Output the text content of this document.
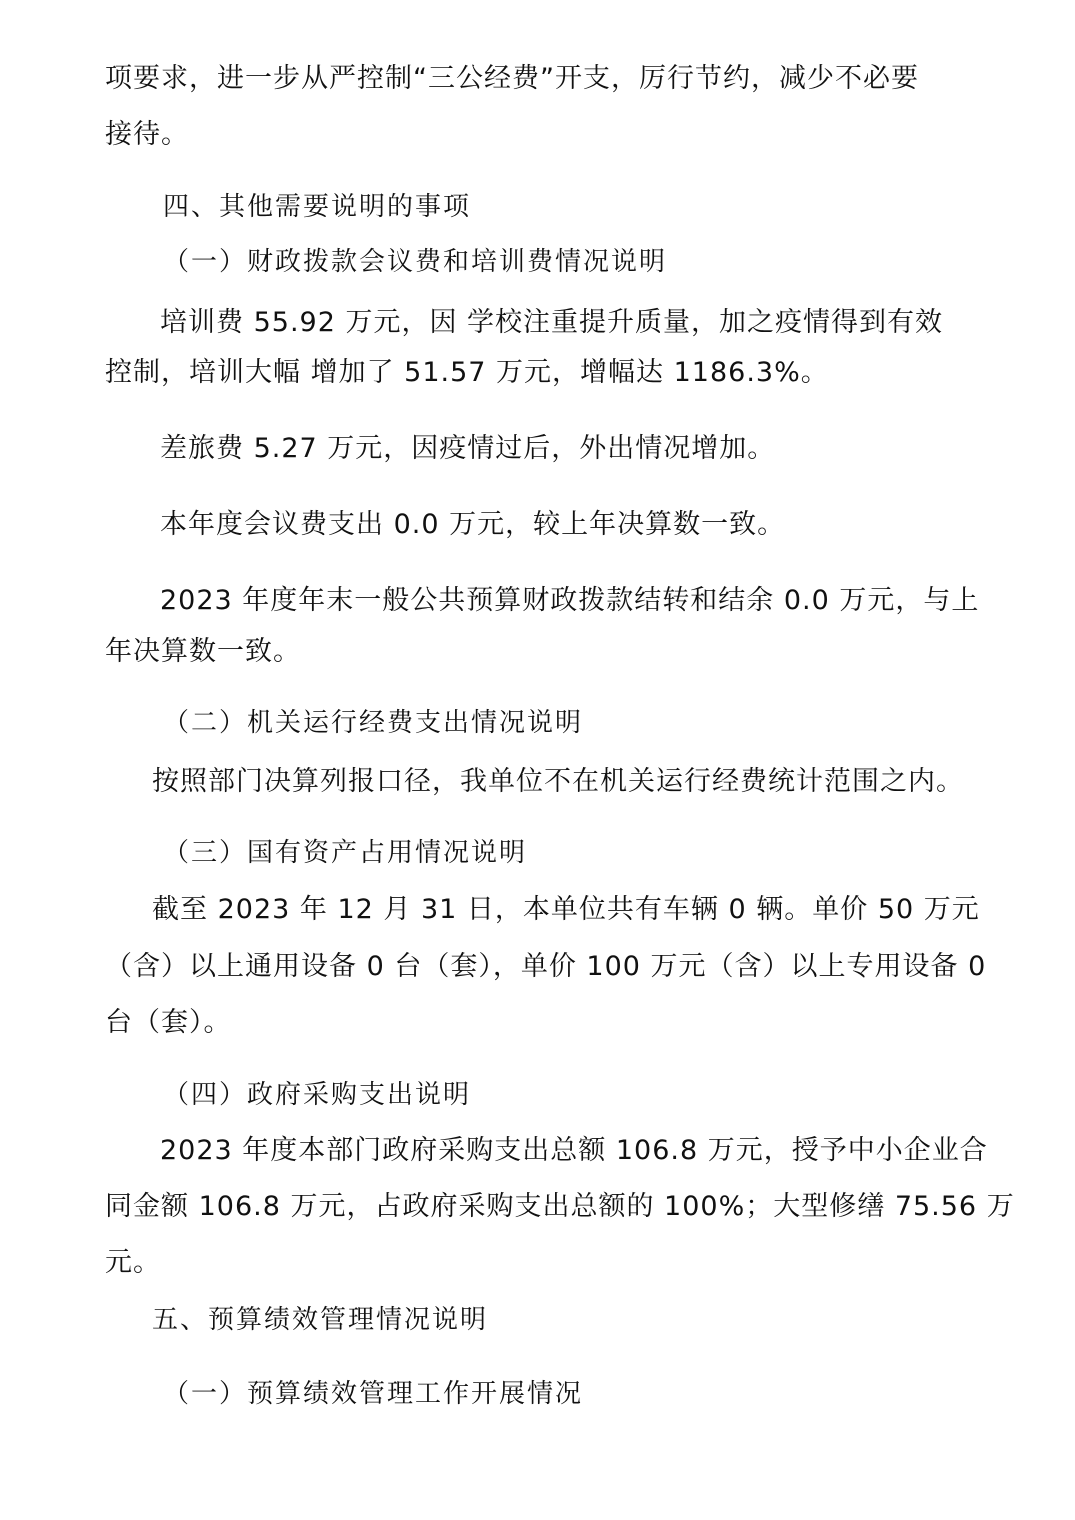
项要求，进一步从严控制“三公经费”开支，厉行节约，减少不必要
接待。
四、其他需要说明的事项
（一）财政拨款会议费和培训费情况说明
培训费 55.92 万元，因 学校注重提升质量，加之疫情得到有效
控制，培训大幅 增加了 51.57 万元，增幅达 1186.3%。
差旅费 5.27 万元，因疫情过后，外出情况增加。
本年度会议费支出 0.0 万元，较上年决算数一致。
2023 年度年末一般公共预算财政拨款结转和结余 0.0 万元，与上
年决算数一致。
（二）机关运行经费支出情况说明
按照部门决算列报口径，我单位不在机关运行经费统计范围之内。
（三）国有资产占用情况说明
截至 2023 年 12 月 31 日，本单位共有车辆 0 辆。单价 50 万元
（含）以上通用设备 0 台（套），单价 100 万元（含）以上专用设备 0
台（套）。
（四）政府采购支出说明
2023 年度本部门政府采购支出总额 106.8 万元，授予中小企业合
同金额 106.8 万元，占政府采购支出总额的 100%；大型修缮 75.56 万
元。
五、预算绩效管理情况说明
（一）预算绩效管理工作开展情况
